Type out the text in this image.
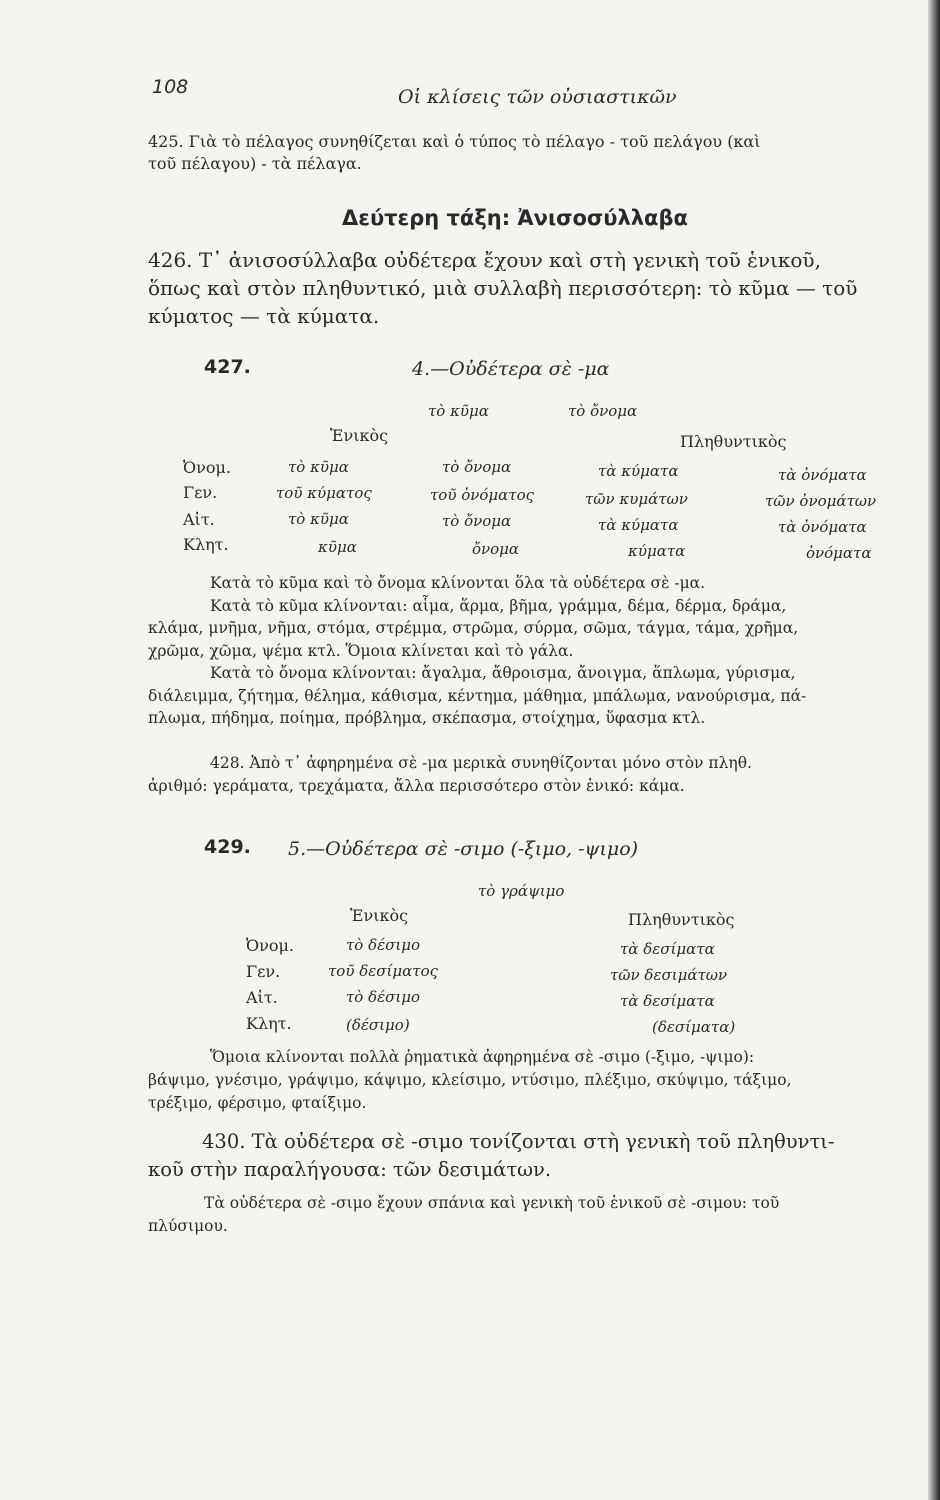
108	Οἱ κλίσεις τῶν οὐσιαστικῶν
425. Γιὰ τὸ πέλαγος συνηθίζεται καὶ ὁ τύπος τὸ πέλαγο - τοῦ πελάγου (καὶ
τοῦ πέλαγου) - τὰ πέλαγα.
Δεύτερη τάξη: Ἀνισοσύλλαβα
426. Τ᾽ ἀνισοσύλλαβα οὐδέτερα ἔχουν καὶ στὴ γενικὴ τοῦ ἑνικοῦ,
ὅπως καὶ στὸν πληθυντικό, μιὰ συλλαβὴ περισσότερη: τὸ κῦμα — τοῦ
κύματος — τὰ κύματα.
427.	4.—Οὐδέτερα σὲ -μα
τὸ κῦμα	τὸ ὄνομα
Ἑνικὸς	Πληθυντικὸς
Ὀνομ.	τὸ κῦμα	τὸ ὄνομα	τὰ κύματα	τὰ ὀνόματα
Γεν.	τοῦ κύματος	τοῦ ὀνόματος	τῶν κυμάτων	τῶν ὀνομάτων
Αἰτ.	τὸ κῦμα	τὸ ὄνομα	τὰ κύματα	τὰ ὀνόματα
Κλητ.	κῦμα	ὄνομα	κύματα	ὀνόματα
Κατὰ τὸ κῦμα καὶ τὸ ὄνομα κλίνονται ὅλα τὰ οὐδέτερα σὲ -μα.
Κατὰ τὸ κῦμα κλίνονται: αἷμα, ἅρμα, βῆμα, γράμμα, δέμα, δέρμα, δράμα,
κλάμα, μνῆμα, νῆμα, στόμα, στρέμμα, στρῶμα, σύρμα, σῶμα, τάγμα, τάμα, χρῆμα,
χρῶμα, χῶμα, ψέμα κτλ. Ὅμοια κλίνεται καὶ τὸ γάλα.
Κατὰ τὸ ὄνομα κλίνονται: ἄγαλμα, ἄθροισμα, ἄνοιγμα, ἅπλωμα, γύρισμα,
διάλειμμα, ζήτημα, θέλημα, κάθισμα, κέντημα, μάθημα, μπάλωμα, νανούρισμα, πά-
πλωμα, πήδημα, ποίημα, πρόβλημα, σκέπασμα, στοίχημα, ὕφασμα κτλ.
428. Ἀπὸ τ᾽ ἀφηρημένα σὲ -μα μερικὰ συνηθίζονται μόνο στὸν πληθ.
ἀριθμό: γεράματα, τρεχάματα, ἄλλα περισσότερο στὸν ἑνικό: κάμα.
429. 5.—Οὐδέτερα σὲ -σιμο (-ξιμο, -ψιμο)
τὸ γράψιμο
Ἑνικὸς	Πληθυντικὸς
Ὀνομ.	τὸ δέσιμο	τὰ δεσίματα
Γεν.	τοῦ δεσίματος	τῶν δεσιμάτων
Αἰτ.	τὸ δέσιμο	τὰ δεσίματα
Κλητ.	(δέσιμο)	(δεσίματα)
Ὅμοια κλίνονται πολλὰ ῥηματικὰ ἀφηρημένα σὲ -σιμο (-ξιμο, -ψιμο):
βάψιμο, γνέσιμο, γράψιμο, κάψιμο, κλείσιμο, ντύσιμο, πλέξιμο, σκύψιμο, τάξιμο,
τρέξιμο, φέρσιμο, φταίξιμο.
430. Τὰ οὐδέτερα σὲ -σιμο τονίζονται στὴ γενικὴ τοῦ πληθυντι-
κοῦ στὴν παραλήγουσα: τῶν δεσιμάτων.
Τὰ οὐδέτερα σὲ -σιμο ἔχουν σπάνια καὶ γενικὴ τοῦ ἑνικοῦ σὲ -σιμου: τοῦ
πλύσιμου.
